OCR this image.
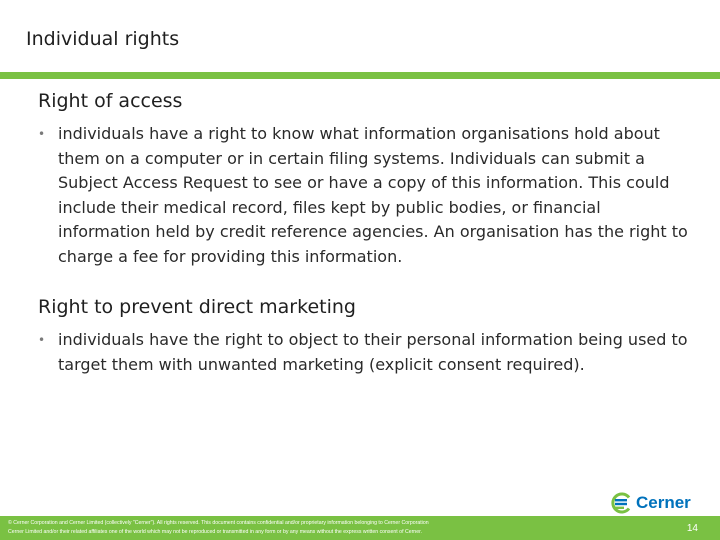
Individual rights
Right of access
• individuals have a right to know what information organisations hold about them on a computer or in certain filing systems. Individuals can submit a Subject Access Request to see or have a copy of this information. This could include their medical record, files kept by public bodies, or financial information held by credit reference agencies. An organisation has the right to charge a fee for providing this information.
Right to prevent direct marketing
• individuals have the right to object to their personal information being used to target them with unwanted marketing (explicit consent required).
Cerner
© Cerner Corporation and Cerner Limited (collectively "Cerner"). All rights reserved. This document contains confidential and/or proprietary information belonging to Cerner Corporation
Cerner Limited and/or their related affiliates one of the world which may not be reproduced or transmitted in any form or by any means without the express written consent of Cerner.	14
